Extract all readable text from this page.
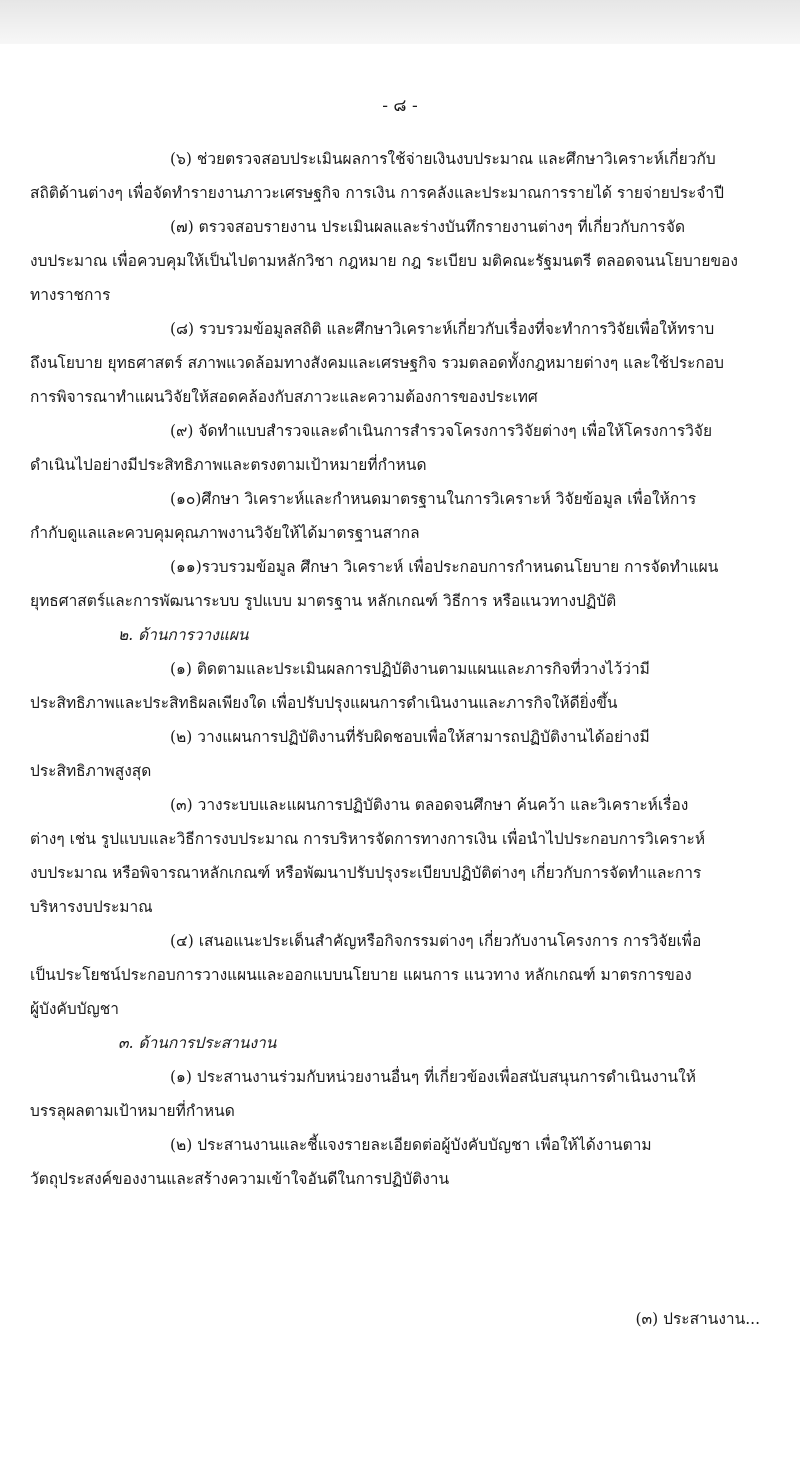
- ๘ -
(๖) ช่วยตรวจสอบประเมินผลการใช้จ่ายเงินงบประมาณ และศึกษาวิเคราะห์เกี่ยวกับ
สถิติด้านต่างๆ เพื่อจัดทำรายงานภาวะเศรษฐกิจ การเงิน การคลังและประมาณการรายได้ รายจ่ายประจำปี
(๗) ตรวจสอบรายงาน ประเมินผลและร่างบันทึกรายงานต่างๆ ที่เกี่ยวกับการจัด
งบประมาณ เพื่อควบคุมให้เป็นไปตามหลักวิชา กฎหมาย กฎ ระเบียบ มติคณะรัฐมนตรี ตลอดจนนโยบายของ
ทางราชการ
(๘) รวบรวมข้อมูลสถิติ และศึกษาวิเคราะห์เกี่ยวกับเรื่องที่จะทำการวิจัยเพื่อให้ทราบ
ถึงนโยบาย ยุทธศาสตร์ สภาพแวดล้อมทางสังคมและเศรษฐกิจ รวมตลอดทั้งกฎหมายต่างๆ และใช้ประกอบ
การพิจารณาทำแผนวิจัยให้สอดคล้องกับสภาวะและความต้องการของประเทศ
(๙) จัดทำแบบสำรวจและดำเนินการสำรวจโครงการวิจัยต่างๆ เพื่อให้โครงการวิจัย
ดำเนินไปอย่างมีประสิทธิภาพและตรงตามเป้าหมายที่กำหนด
(๑๐)ศึกษา วิเคราะห์และกำหนดมาตรฐานในการวิเคราะห์ วิจัยข้อมูล เพื่อให้การ
กำกับดูแลและควบคุมคุณภาพงานวิจัยให้ได้มาตรฐานสากล
(๑๑)รวบรวมข้อมูล ศึกษา วิเคราะห์ เพื่อประกอบการกำหนดนโยบาย การจัดทำแผน
ยุทธศาสตร์และการพัฒนาระบบ รูปแบบ มาตรฐาน หลักเกณฑ์ วิธีการ หรือแนวทางปฏิบัติ
๒. ด้านการวางแผน
(๑) ติดตามและประเมินผลการปฏิบัติงานตามแผนและภารกิจที่วางไว้ว่ามี
ประสิทธิภาพและประสิทธิผลเพียงใด เพื่อปรับปรุงแผนการดำเนินงานและภารกิจให้ดียิ่งขึ้น
(๒) วางแผนการปฏิบัติงานที่รับผิดชอบเพื่อให้สามารถปฏิบัติงานได้อย่างมี
ประสิทธิภาพสูงสุด
(๓) วางระบบและแผนการปฏิบัติงาน ตลอดจนศึกษา ค้นคว้า และวิเคราะห์เรื่อง
ต่างๆ เช่น รูปแบบและวิธีการงบประมาณ การบริหารจัดการทางการเงิน เพื่อนำไปประกอบการวิเคราะห์
งบประมาณ หรือพิจารณาหลักเกณฑ์ หรือพัฒนาปรับปรุงระเบียบปฏิบัติต่างๆ เกี่ยวกับการจัดทำและการ
บริหารงบประมาณ
(๔) เสนอแนะประเด็นสำคัญหรือกิจกรรมต่างๆ เกี่ยวกับงานโครงการ การวิจัยเพื่อ
เป็นประโยชน์ประกอบการวางแผนและออกแบบนโยบาย แผนการ แนวทาง หลักเกณฑ์ มาตรการของ
ผู้บังคับบัญชา
๓. ด้านการประสานงาน
(๑) ประสานงานร่วมกับหน่วยงานอื่นๆ ที่เกี่ยวข้องเพื่อสนับสนุนการดำเนินงานให้
บรรลุผลตามเป้าหมายที่กำหนด
(๒) ประสานงานและชี้แจงรายละเอียดต่อผู้บังคับบัญชา เพื่อให้ได้งานตาม
วัตถุประสงค์ของงานและสร้างความเข้าใจอันดีในการปฏิบัติงาน
(๓) ประสานงาน...
